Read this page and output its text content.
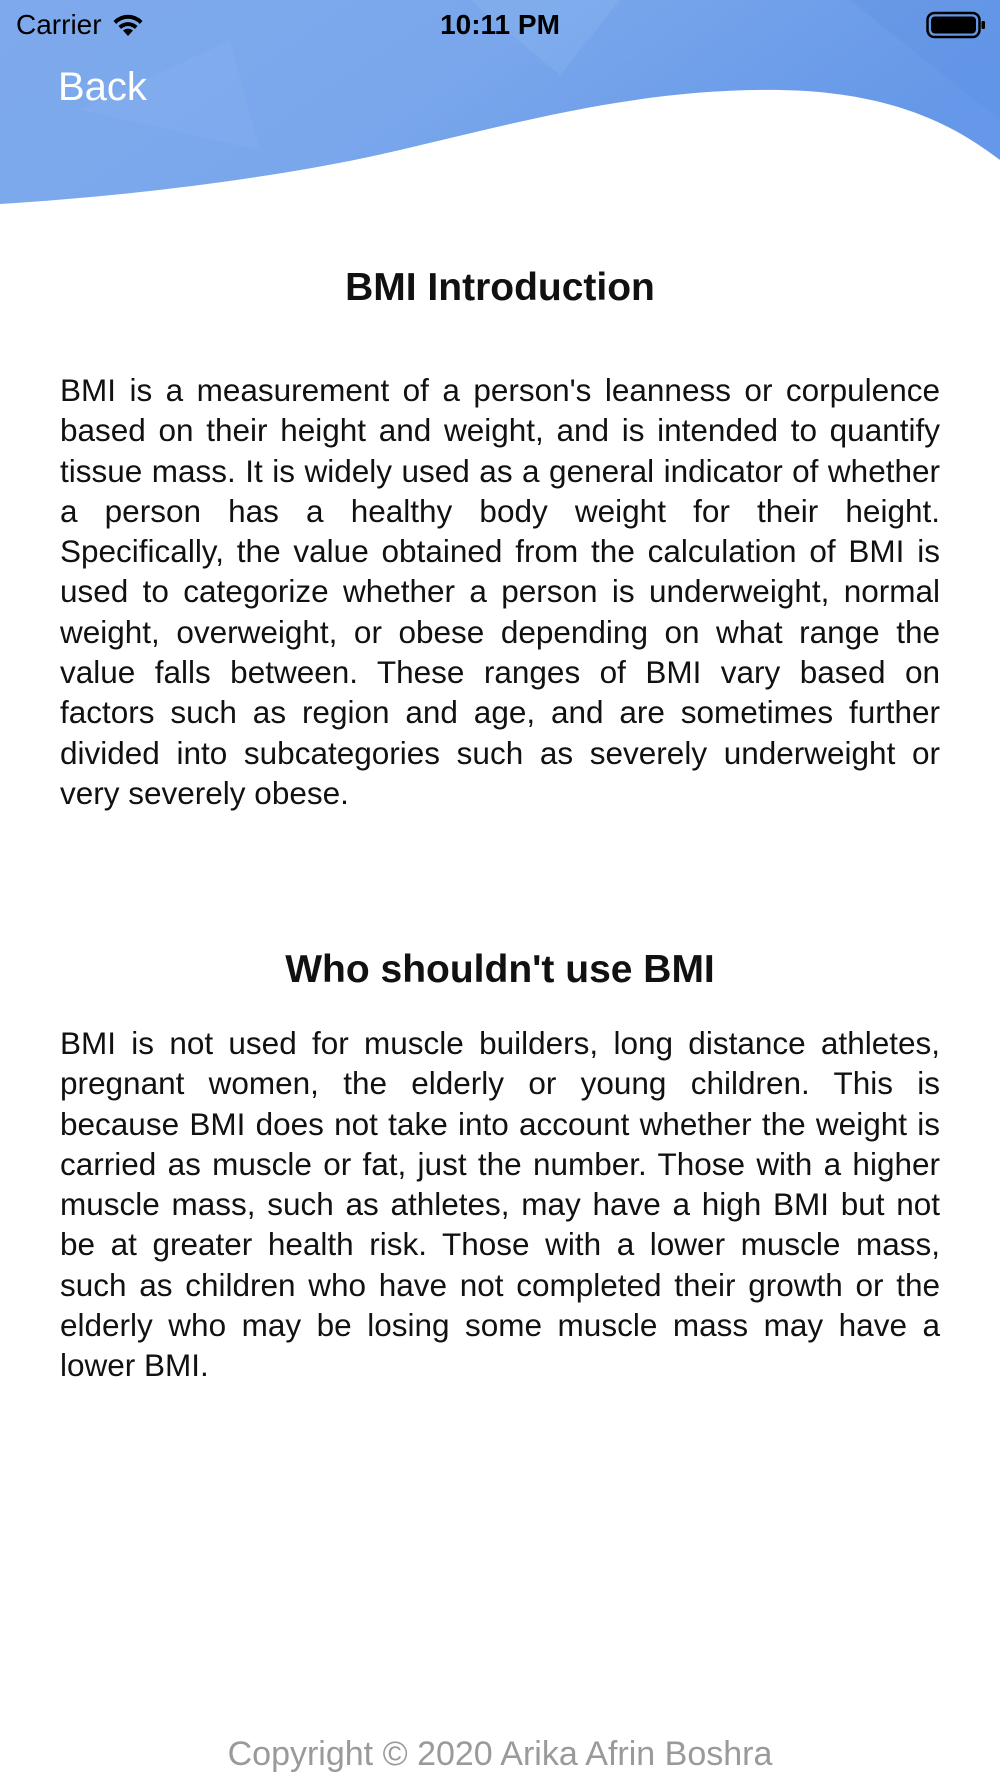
Carrier	10:11 PM
Back
BMI Introduction

BMI is a measurement of a person's leanness or corpulence based on their height and weight, and is intended to quantify tissue mass. It is widely used as a general indicator of whether a person has a healthy body weight for their height. Specifically, the value obtained from the calculation of BMI is used to categorize whether a person is underweight, normal weight, overweight, or obese depending on what range the value falls between. These ranges of BMI vary based on factors such as region and age, and are sometimes further divided into subcategories such as severely underweight or very severely obese.

Who shouldn't use BMI

BMI is not used for muscle builders, long distance athletes, pregnant women, the elderly or young children. This is because BMI does not take into account whether the weight is carried as muscle or fat, just the number. Those with a higher muscle mass, such as athletes, may have a high BMI but not be at greater health risk. Those with a lower muscle mass, such as children who have not completed their growth or the elderly who may be losing some muscle mass may have a lower BMI.

Copyright © 2020 Arika Afrin Boshra
